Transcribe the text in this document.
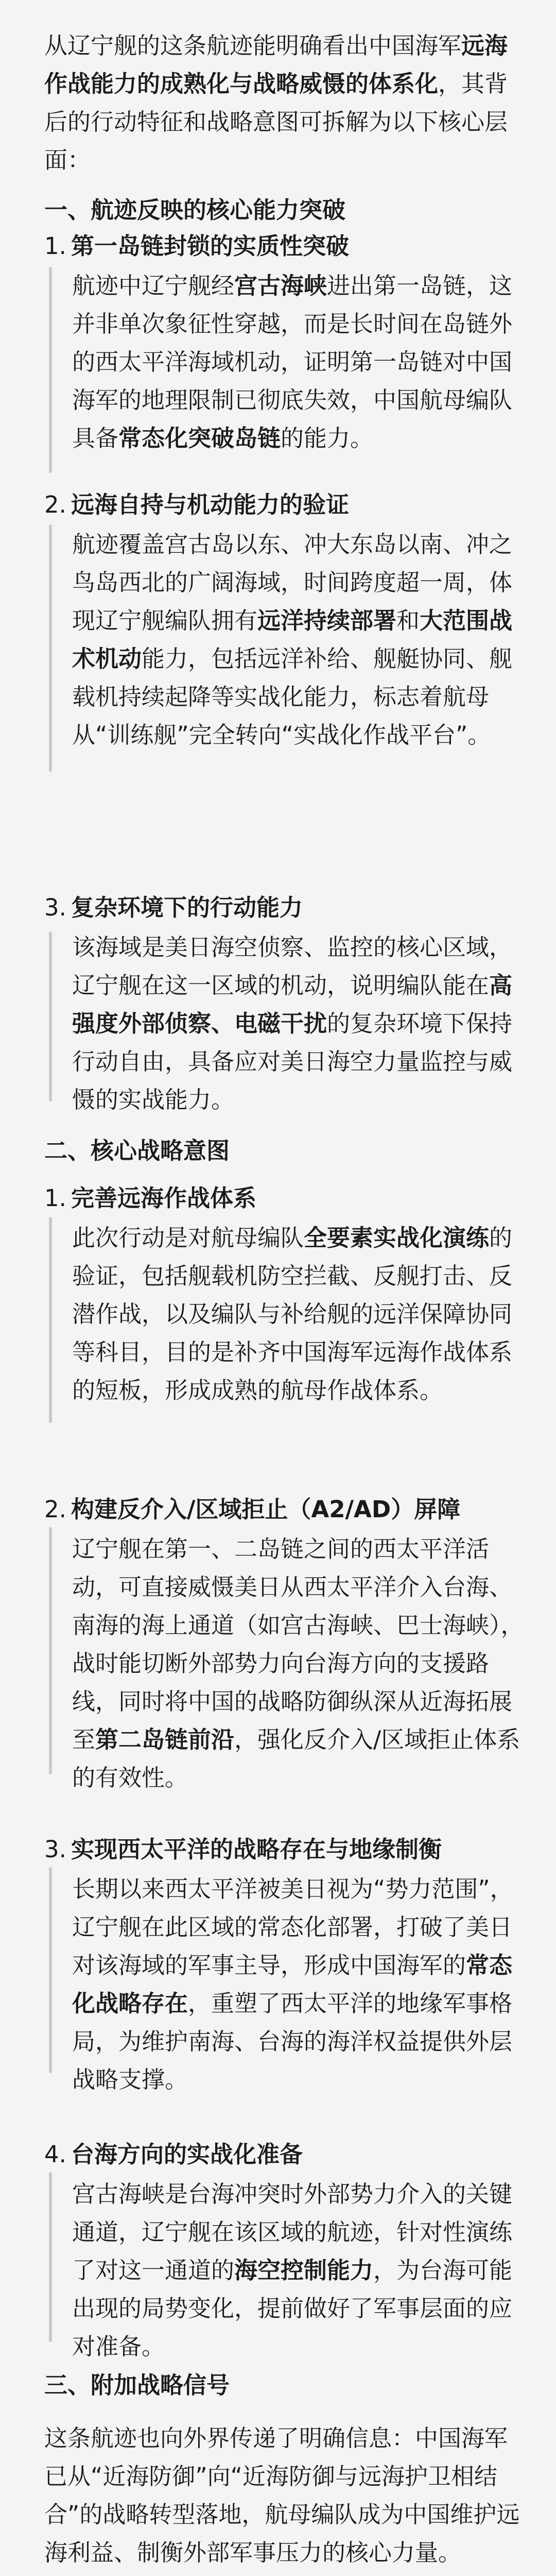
从辽宁舰的这条航迹能明确看出中国海军远海作战能力的成熟化与战略威慑的体系化，其背后的行动特征和战略意图可拆解为以下核心层面：

一、航迹反映的核心能力突破

1. 第一岛链封锁的实质性突破

航迹中辽宁舰经宫古海峡进出第一岛链，这并非单次象征性穿越，而是长时间在岛链外的西太平洋海域机动，证明第一岛链对中国海军的地理限制已彻底失效，中国航母编队具备常态化突破岛链的能力。

2. 远海自持与机动能力的验证

航迹覆盖宫古岛以东、冲大东岛以南、冲之鸟岛西北的广阔海域，时间跨度超一周，体现辽宁舰编队拥有远洋持续部署和大范围战术机动能力，包括远洋补给、舰艇协同、舰载机持续起降等实战化能力，标志着航母从“训练舰”完全转向“实战化作战平台”。

3. 复杂环境下的行动能力

该海域是美日海空侦察、监控的核心区域，辽宁舰在这一区域的机动，说明编队能在高强度外部侦察、电磁干扰的复杂环境下保持行动自由，具备应对美日海空力量监控与威慑的实战能力。

二、核心战略意图

1. 完善远海作战体系

此次行动是对航母编队全要素实战化演练的验证，包括舰载机防空拦截、反舰打击、反潜作战，以及编队与补给舰的远洋保障协同等科目，目的是补齐中国海军远海作战体系的短板，形成成熟的航母作战体系。

2. 构建反介入/区域拒止（A2/AD）屏障

辽宁舰在第一、二岛链之间的西太平洋活动，可直接威慑美日从西太平洋介入台海、南海的海上通道（如宫古海峡、巴士海峡），战时能切断外部势力向台海方向的支援路线，同时将中国的战略防御纵深从近海拓展至第二岛链前沿，强化反介入/区域拒止体系的有效性。

3. 实现西太平洋的战略存在与地缘制衡

长期以来西太平洋被美日视为“势力范围”，辽宁舰在此区域的常态化部署，打破了美日对该海域的军事主导，形成中国海军的常态化战略存在，重塑了西太平洋的地缘军事格局，为维护南海、台海的海洋权益提供外层战略支撑。

4. 台海方向的实战化准备

宫古海峡是台海冲突时外部势力介入的关键通道，辽宁舰在该区域的航迹，针对性演练了对这一通道的海空控制能力，为台海可能出现的局势变化，提前做好了军事层面的应对准备。

三、附加战略信号

这条航迹也向外界传递了明确信息：中国海军已从“近海防御”向“近海防御与远海护卫相结合”的战略转型落地，航母编队成为中国维护远海利益、制衡外部军事压力的核心力量。
